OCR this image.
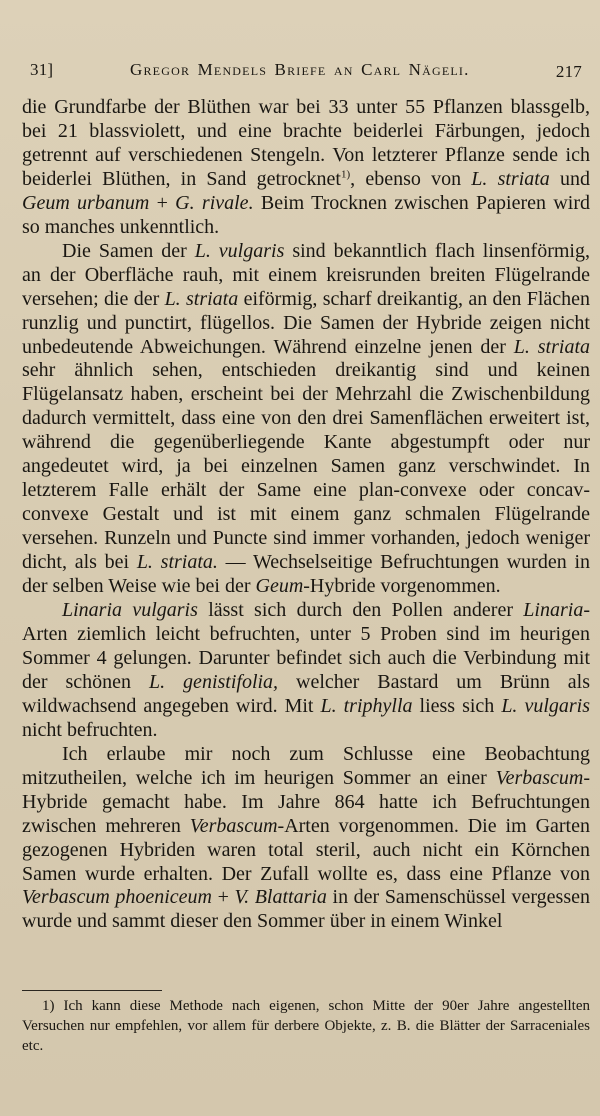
31]	Gregor Mendels Briefe an Carl Nägeli.	217

die Grundfarbe der Blüthen war bei 33 unter 55 Pflanzen blassgelb, bei 21 blassviolett, und eine brachte beiderlei Färbungen, jedoch getrennt auf verschiedenen Stengeln. Von letzterer Pflanze sende ich beiderlei Blüthen, in Sand getrocknet$^{1)}$, ebenso von L. striata und Geum urbanum + G. rivale. Beim Trocknen zwischen Papieren wird so manches unkenntlich.

Die Samen der L. vulgaris sind bekanntlich flach linsenförmig, an der Oberfläche rauh, mit einem kreisrunden breiten Flügelrande versehen; die der L. striata eiförmig, scharf dreikantig, an den Flächen runzlig und punctirt, flügellos. Die Samen der Hybride zeigen nicht unbedeutende Abweichungen. Während einzelne jenen der L. striata sehr ähnlich sehen, entschieden dreikantig sind und keinen Flügelansatz haben, erscheint bei der Mehrzahl die Zwischenbildung dadurch vermittelt, dass eine von den drei Samenflächen erweitert ist, während die gegenüberliegende Kante abgestumpft oder nur angedeutet wird, ja bei einzelnen Samen ganz verschwindet. In letzterem Falle erhält der Same eine plan-convexe oder concav-convexe Gestalt und ist mit einem ganz schmalen Flügelrande versehen. Runzeln und Puncte sind immer vorhanden, jedoch weniger dicht, als bei L. striata. — Wechselseitige Befruchtungen wurden in der selben Weise wie bei der Geum-Hybride vorgenommen.

Linaria vulgaris lässt sich durch den Pollen anderer Linaria-Arten ziemlich leicht befruchten, unter 5 Proben sind im heurigen Sommer 4 gelungen. Darunter befindet sich auch die Verbindung mit der schönen L. genistifolia, welcher Bastard um Brünn als wildwachsend angegeben wird. Mit L. triphylla liess sich L. vulgaris nicht befruchten.

Ich erlaube mir noch zum Schlusse eine Beobachtung mitzutheilen, welche ich im heurigen Sommer an einer Verbascum-Hybride gemacht habe. Im Jahre 864 hatte ich Befruchtungen zwischen mehreren Verbascum-Arten vorgenommen. Die im Garten gezogenen Hybriden waren total steril, auch nicht ein Körnchen Samen wurde erhalten. Der Zufall wollte es, dass eine Pflanze von Verbascum phoeniceum + V. Blattaria in der Samenschüssel vergessen wurde und sammt dieser den Sommer über in einem Winkel

1) Ich kann diese Methode nach eigenen, schon Mitte der 90er Jahre angestellten Versuchen nur empfehlen, vor allem für derbere Objekte, z. B. die Blätter der Sarraceniales etc.
